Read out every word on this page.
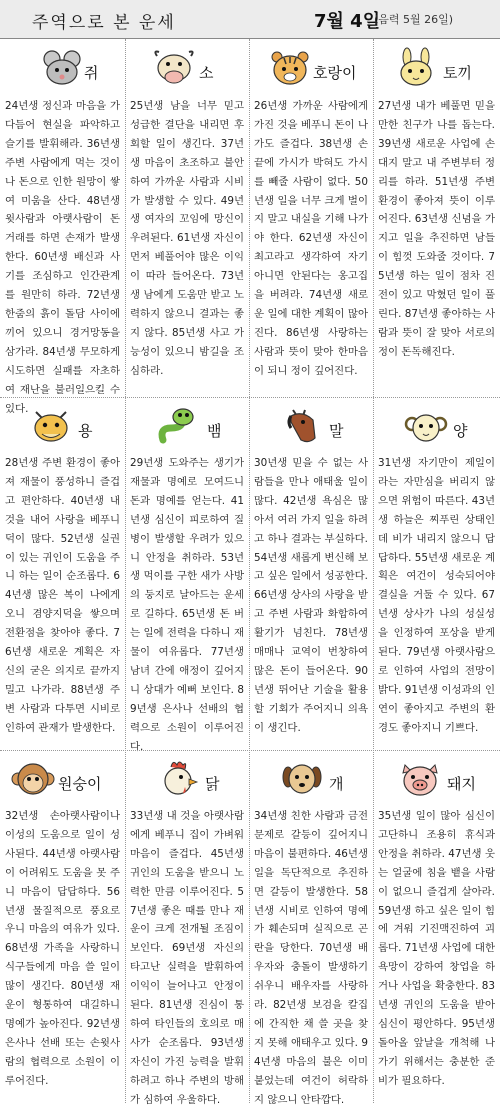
주역으로 본 운세	7월 4일
(음력 5월 26일)
쥐
24년생 정신과 마음을 가다듬어 현실을 파악하고 슬기를 발휘해라. 36년생 주변 사람에게 먹는 것이나 돈으로 인한 원망이 쌓여 미움을 산다. 48년생 윗사람과 아랫사람이 돈 거래를 하면 손재가 발생한다. 60년생 배신과 사기를 조심하고 인간관계를 원만히 하라. 72년생 한줌의 흙이 돌담 사이에 끼어 있으니 경거망동을 삼가라. 84년생 무모하게 시도하면 실패를 자초하여 재난을 불러일으킬 수 있다.
소
25년생 남을 너무 믿고 성급한 결단을 내리면 후회할 일이 생긴다. 37년생 마음이 초조하고 불안하여 가까운 사람과 시비가 발생할 수 있다. 49년생 여자의 꼬임에 망신이 우려된다. 61년생 자신이 먼저 베풀어야 많은 이익이 따라 들어온다. 73년생 남에게 도움만 받고 노력하지 않으니 결과는 좋지 않다. 85년생 사고 가능성이 있으니 밤길을 조심하라.
호랑이
26년생 가까운 사람에게 가진 것을 베푸니 돈이 나가도 즐겁다. 38년생 손끝에 가시가 박혀도 가시를 빼줄 사람이 없다. 50년생 일을 너무 크게 벌이지 말고 내실을 기해 나가야 한다. 62년생 자신이 최고라고 생각하여 자기 아니면 안된다는 옹고집을 버려라. 74년생 새로운 일에 대한 계획이 많아진다. 86년생 사랑하는 사람과 뜻이 맞아 한마음이 되니 정이 깊어진다.
토끼
27년생 내가 베풀면 믿을 만한 친구가 나를 돕는다. 39년생 새로운 사업에 손대지 말고 내 주변부터 정리를 하라. 51년생 주변 환경이 좋아져 뜻이 이루어진다. 63년생 신념을 가지고 일을 추진하면 남들이 힘껏 도와줄 것이다. 75년생 하는 일이 점차 진전이 있고 막혔던 일이 풀린다. 87년생 좋아하는 사람과 뜻이 잘 맞아 서로의 정이 돈독해진다.
용
28년생 주변 환경이 좋아져 재물이 풍성하니 즐겁고 편안하다. 40년생 내 것을 내어 사랑을 베푸니 덕이 많다. 52년생 실권이 있는 귀인이 도움을 주니 하는 일이 순조롭다. 64년생 많은 복이 나에게 오니 겸양지덕을 쌓으며 전환점을 찾아야 좋다. 76년생 새로운 계획은 자신의 굳은 의지로 끝까지 밀고 나가라. 88년생 주변 사람과 다투면 시비로 인하여 관재가 발생한다.
뱀
29년생 도와주는 생기가 재물과 명예로 모여드니 돈과 명예를 얻는다. 41년생 심신이 피로하여 질병이 발생할 우려가 있으니 안정을 취하라. 53년생 먹이를 구한 새가 사방의 둥지로 날아드는 운세로 길하다. 65년생 돈 버는 일에 전력을 다하니 재물이 여유롭다. 77년생 남녀 간에 애정이 깊어지니 상대가 예뻐 보인다. 89년생 은사나 선배의 협력으로 소원이 이루어진다.
말
30년생 믿을 수 없는 사람들을 만나 애태울 일이 많다. 42년생 욕심은 많아서 여러 가지 일을 하려고 하나 결과는 부실하다. 54년생 새롭게 변신해 보고 싶은 일에서 성공한다. 66년생 상사의 사랑을 받고 주변 사람과 화합하여 활기가 넘친다. 78년생 매매나 교역이 번창하여 많은 돈이 들어온다. 90년생 뛰어난 기술을 활용할 기회가 주어지니 의욕이 생긴다.
양
31년생 자기만이 제일이라는 자만심을 버리지 않으면 위험이 따른다. 43년생 하늘은 찌푸린 상태인데 비가 내리지 않으니 답답하다. 55년생 새로운 계획은 여건이 성숙되어야 결실을 거둘 수 있다. 67년생 상사가 나의 성실성을 인정하여 포상을 받게 된다. 79년생 아랫사람으로 인하여 사업의 전망이 밝다. 91년생 이성과의 인연이 좋아지고 주변의 환경도 좋아지니 기쁘다.
원숭이
32년생 손아랫사람이나 이성의 도움으로 일이 성사된다. 44년생 아랫사람이 어려워도 도움을 못 주니 마음이 답답하다. 56년생 물질적으로 풍요로우니 마음의 여유가 있다. 68년생 가족을 사랑하니 식구들에게 마음 쓸 일이 많이 생긴다. 80년생 재운이 형통하여 대길하니 명예가 높아진다. 92년생 은사나 선배 또는 손윗사람의 협력으로 소원이 이루어진다.
닭
33년생 내 것을 아랫사람에게 베푸니 집이 가벼워 마음이 즐겁다. 45년생 귀인의 도움을 받으니 노력한 만큼 이루어진다. 57년생 좋은 때를 만나 재운이 크게 전개될 조짐이 보인다. 69년생 자신의 타고난 실력을 발휘하여 이익이 늘어나고 안정이 된다. 81년생 진심이 통하여 타인들의 호의로 매사가 순조롭다. 93년생 자신이 가진 능력을 발휘하려고 하나 주변의 방해가 심하여 우울하다.
개
34년생 친한 사람과 금전 문제로 갈등이 깊어지니 마음이 불편하다. 46년생 일을 독단적으로 추진하면 갈등이 발생한다. 58년생 시비로 인하여 명예가 훼손되며 실직으로 곤란을 당한다. 70년생 배우자와 충돌이 발생하기 쉬우니 배우자를 사랑하라. 82년생 보검을 칼집에 간직한 채 쓸 곳을 찾지 못해 애태우고 있다. 94년생 마음의 불은 이미 붙었는데 여건이 허락하지 않으니 안타깝다.
돼지
35년생 일이 많아 심신이 고단하니 조용히 휴식과 안정을 취하라. 47년생 웃는 얼굴에 침을 뱉을 사람이 없으니 즐겁게 살아라. 59년생 하고 싶은 일이 힘에 겨워 기진맥진하여 괴롭다. 71년생 사업에 대한 욕망이 강하여 창업을 하거나 사업을 확충한다. 83년생 귀인의 도움을 받아 심신이 평안하다. 95년생 돌아올 앞날을 개척해 나가기 위해서는 충분한 준비가 필요하다.
